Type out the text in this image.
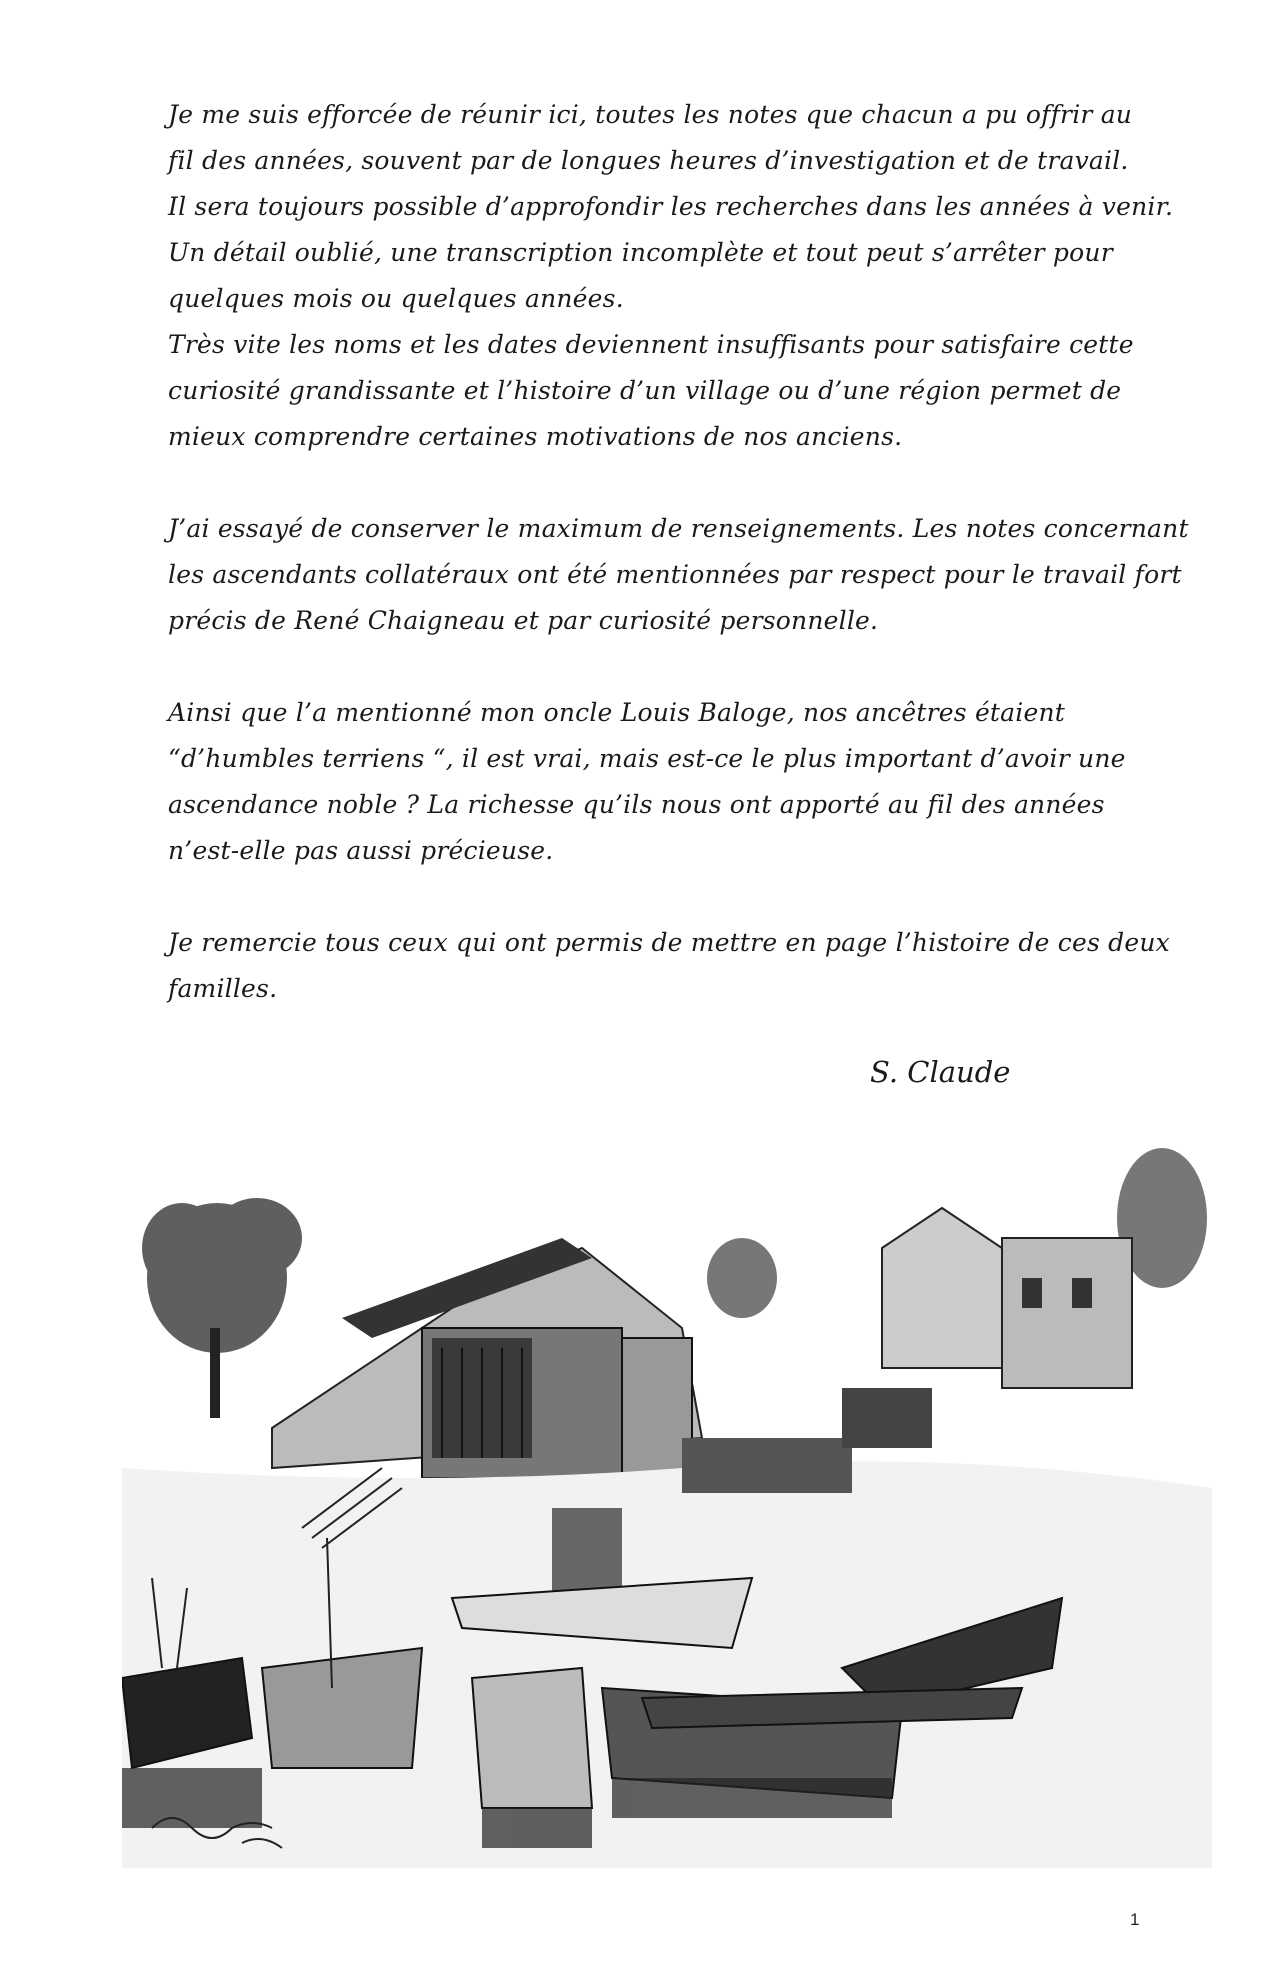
Je me suis efforcée de réunir ici, toutes les notes que chacun a pu offrir au
fil des années, souvent par de longues heures d’investigation et de travail.
Il sera toujours possible d’approfondir les recherches dans les années à venir.
Un détail oublié, une transcription incomplète et tout peut s’arrêter pour
quelques mois ou quelques années.
Très vite les noms et les dates deviennent insuffisants pour satisfaire cette
curiosité grandissante et l’histoire d’un village ou d’une région permet de
mieux comprendre certaines motivations de nos anciens.

J’ai essayé de conserver le maximum de renseignements. Les notes concernant
les ascendants collatéraux ont été mentionnées par respect pour le travail fort
précis de René Chaigneau et par curiosité personnelle.

Ainsi que l’a mentionné mon oncle Louis Baloge, nos ancêtres étaient
“d’humbles terriens “, il est vrai, mais est-ce le plus important d’avoir une
ascendance noble ? La richesse qu’ils nous ont apporté au fil des années
n’est-elle pas aussi précieuse.

Je remercie tous ceux qui ont permis de mettre en page l’histoire de ces deux
familles.

S. Claude
1
